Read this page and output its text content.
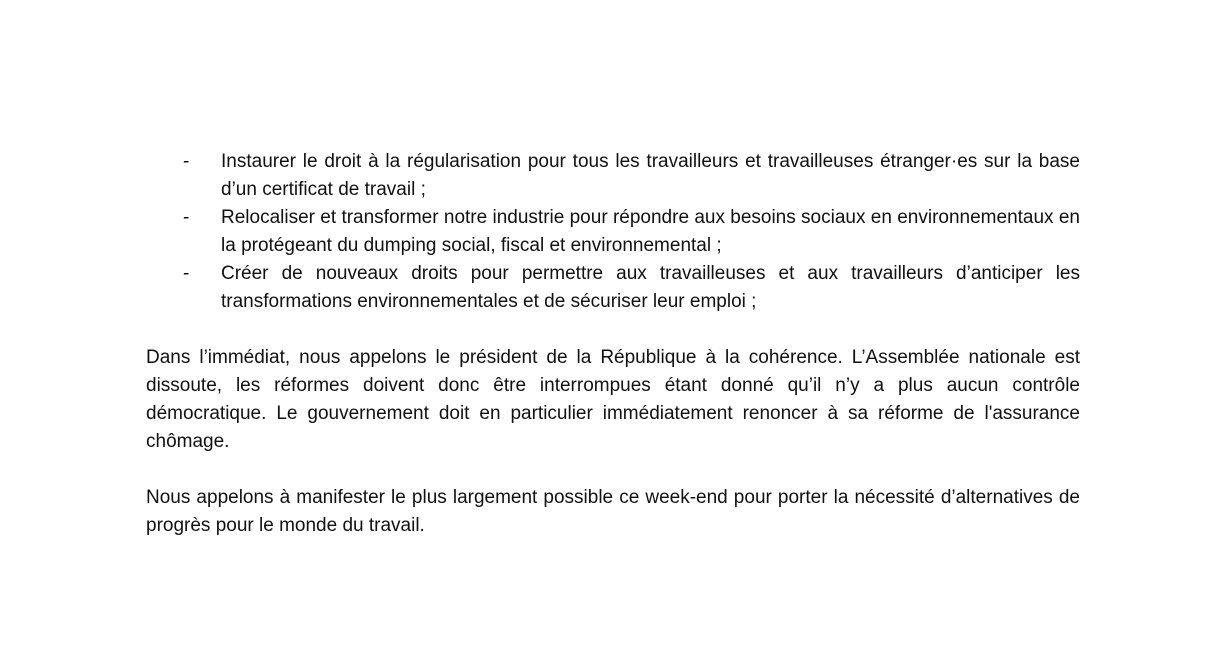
- Instaurer le droit à la régularisation pour tous les travailleurs et travailleuses étranger·es sur la base d’un certificat de travail ;
- Relocaliser et transformer notre industrie pour répondre aux besoins sociaux en environnementaux en la protégeant du dumping social, fiscal et environnemental ;
- Créer de nouveaux droits pour permettre aux travailleuses et aux travailleurs d’anticiper les transformations environnementales et de sécuriser leur emploi ;

Dans l’immédiat, nous appelons le président de la République à la cohérence. L’Assemblée nationale est dissoute, les réformes doivent donc être interrompues étant donné qu’il n’y a plus aucun contrôle démocratique. Le gouvernement doit en particulier immédiatement renoncer à sa réforme de l'assurance chômage.

Nous appelons à manifester le plus largement possible ce week-end pour porter la nécessité d’alternatives de progrès pour le monde du travail.
